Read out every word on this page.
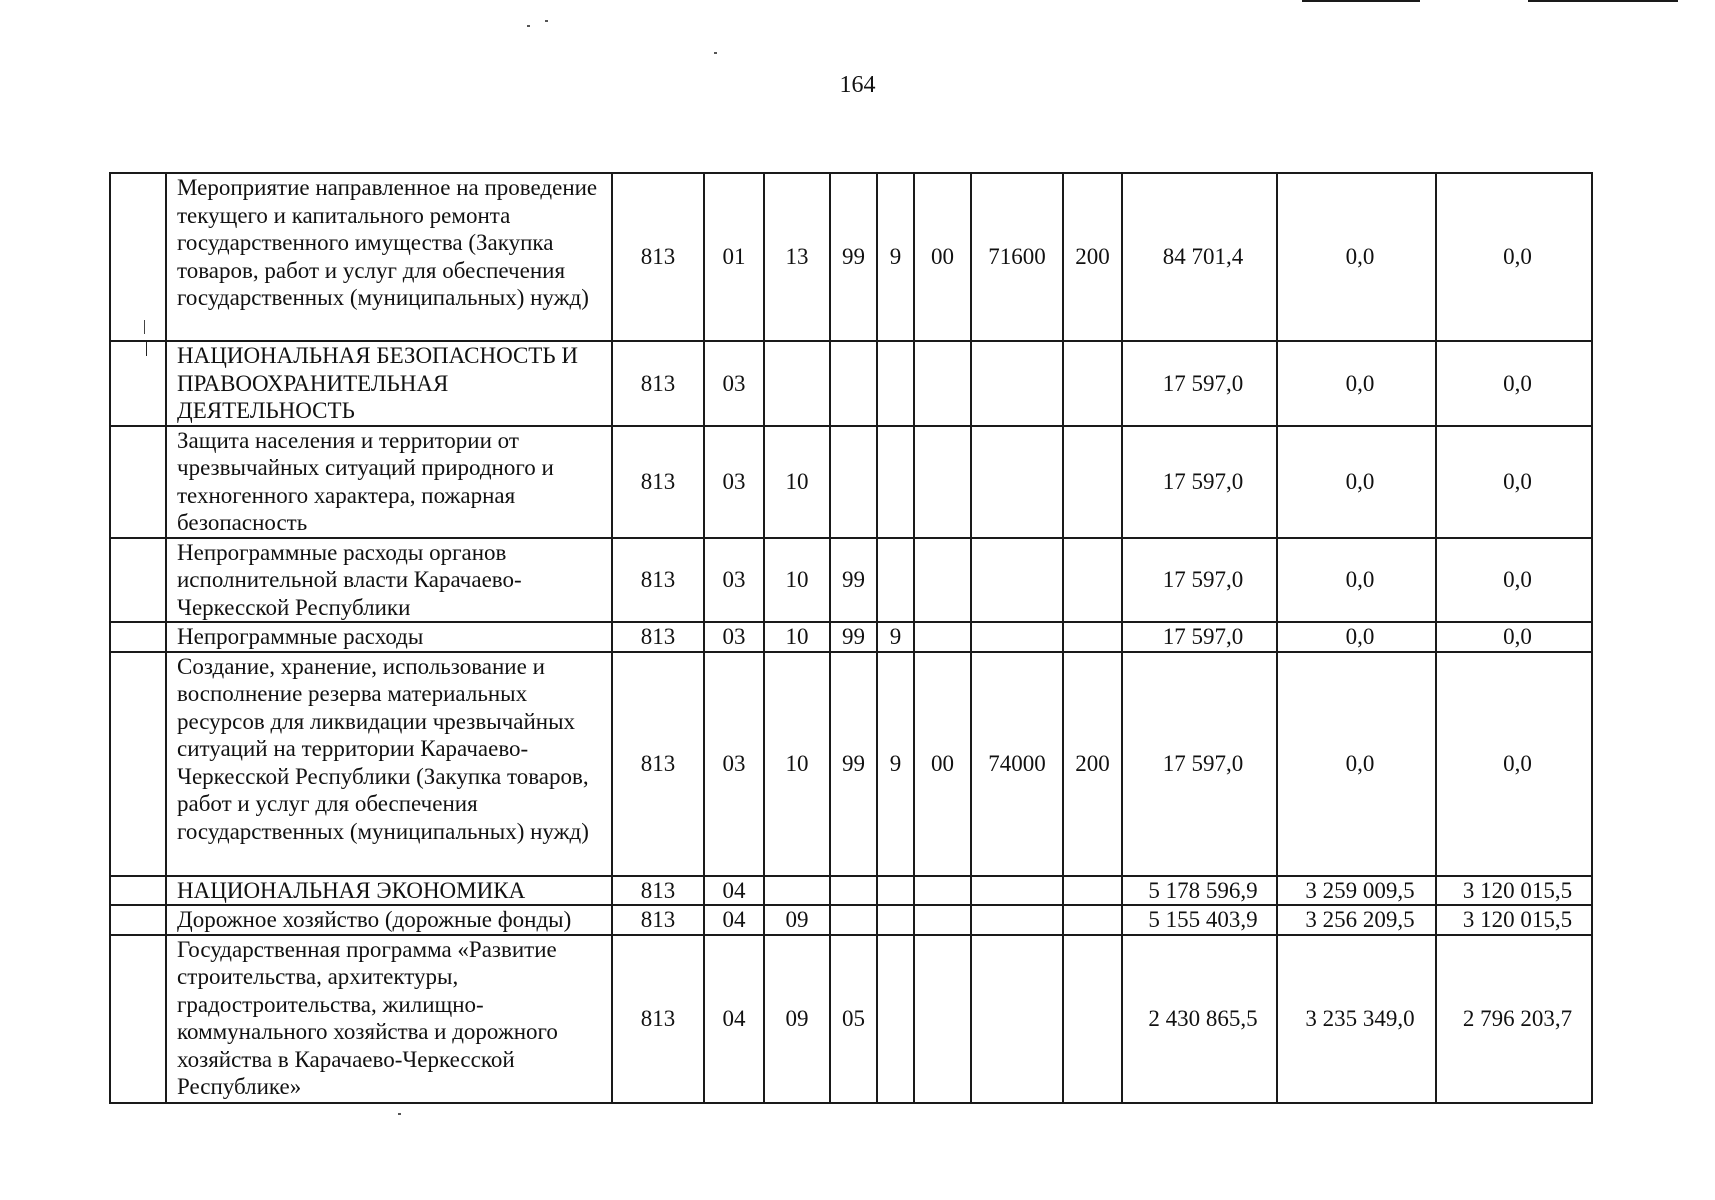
164
	Мероприятие направленное на проведение текущего и капитального ремонта государственного имущества (Закупка товаров, работ и услуг для обеспечения государственных (муниципальных) нужд)	813	01	13	99	9	00	71600	200	84 701,4	0,0	0,0
	НАЦИОНАЛЬНАЯ БЕЗОПАСНОСТЬ И ПРАВООХРАНИТЕЛЬНАЯ ДЕЯТЕЛЬНОСТЬ	813	03							17 597,0	0,0	0,0
	Защита населения и территории от чрезвычайных ситуаций природного и техногенного характера, пожарная безопасность	813	03	10						17 597,0	0,0	0,0
	Непрограммные расходы органов исполнительной власти Карачаево-Черкесской Республики	813	03	10	99					17 597,0	0,0	0,0
	Непрограммные расходы	813	03	10	99	9				17 597,0	0,0	0,0
	Создание, хранение, использование и восполнение резерва материальных ресурсов для ликвидации чрезвычайных ситуаций на территории Карачаево-Черкесской Республики (Закупка товаров, работ и услуг для обеспечения государственных (муниципальных) нужд)	813	03	10	99	9	00	74000	200	17 597,0	0,0	0,0
	НАЦИОНАЛЬНАЯ ЭКОНОМИКА	813	04							5 178 596,9	3 259 009,5	3 120 015,5
	Дорожное хозяйство (дорожные фонды)	813	04	09						5 155 403,9	3 256 209,5	3 120 015,5
	Государственная программа «Развитие строительства, архитектуры, градостроительства, жилищно-коммунального хозяйства и дорожного хозяйства в Карачаево-Черкесской Республике»	813	04	09	05					2 430 865,5	3 235 349,0	2 796 203,7
